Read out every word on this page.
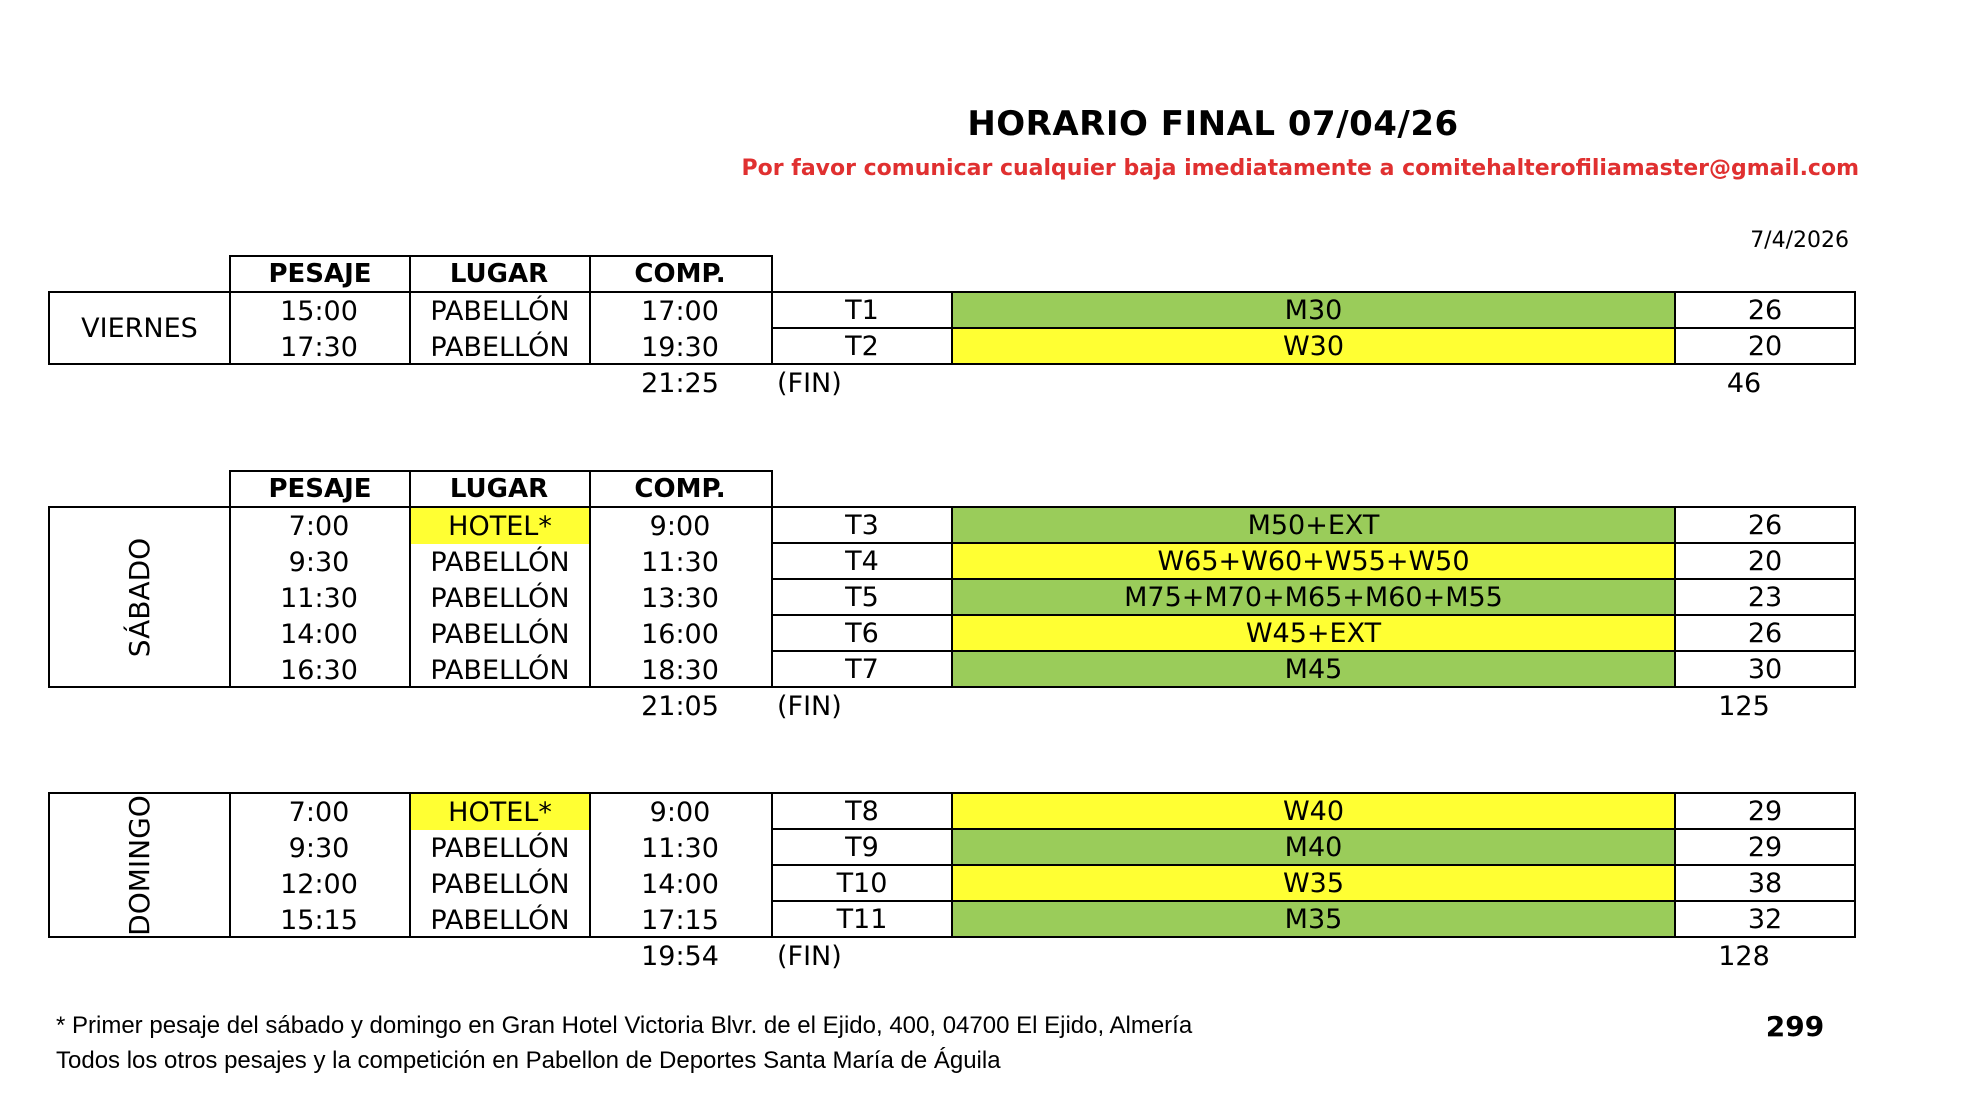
HORARIO FINAL 07/04/26
Por favor comunicar cualquier baja imediatamente a comitehalterofiliamaster@gmail.com
7/4/2026
PESAJE	LUGAR	COMP.
VIERNES
15:00	PABELLÓN	17:00	T1	M30	26
17:30	PABELLÓN	19:30	T2	W30	20
21:25	(FIN)	46
PESAJE	LUGAR	COMP.
SÁBADO
7:00	HOTEL*	9:00	T3	M50+EXT	26
9:30	PABELLÓN	11:30	T4	W65+W60+W55+W50	20
11:30	PABELLÓN	13:30	T5	M75+M70+M65+M60+M55	23
14:00	PABELLÓN	16:00	T6	W45+EXT	26
16:30	PABELLÓN	18:30	T7	M45	30
21:05	(FIN)	125
DOMINGO	7:00	HOTEL*	9:00	T8	W40	29
9:30	PABELLÓN	11:30	T9	M40	29
12:00	PABELLÓN	14:00	T10	W35	38
15:15	PABELLÓN	17:15	T11	M35	32
19:54	(FIN)	128
* Primer pesaje del sábado y domingo en Gran Hotel Victoria Blvr. de el Ejido, 400, 04700 El Ejido, Almería
Todos los otros pesajes y la competición en Pabellon de Deportes Santa María de Águila
299
